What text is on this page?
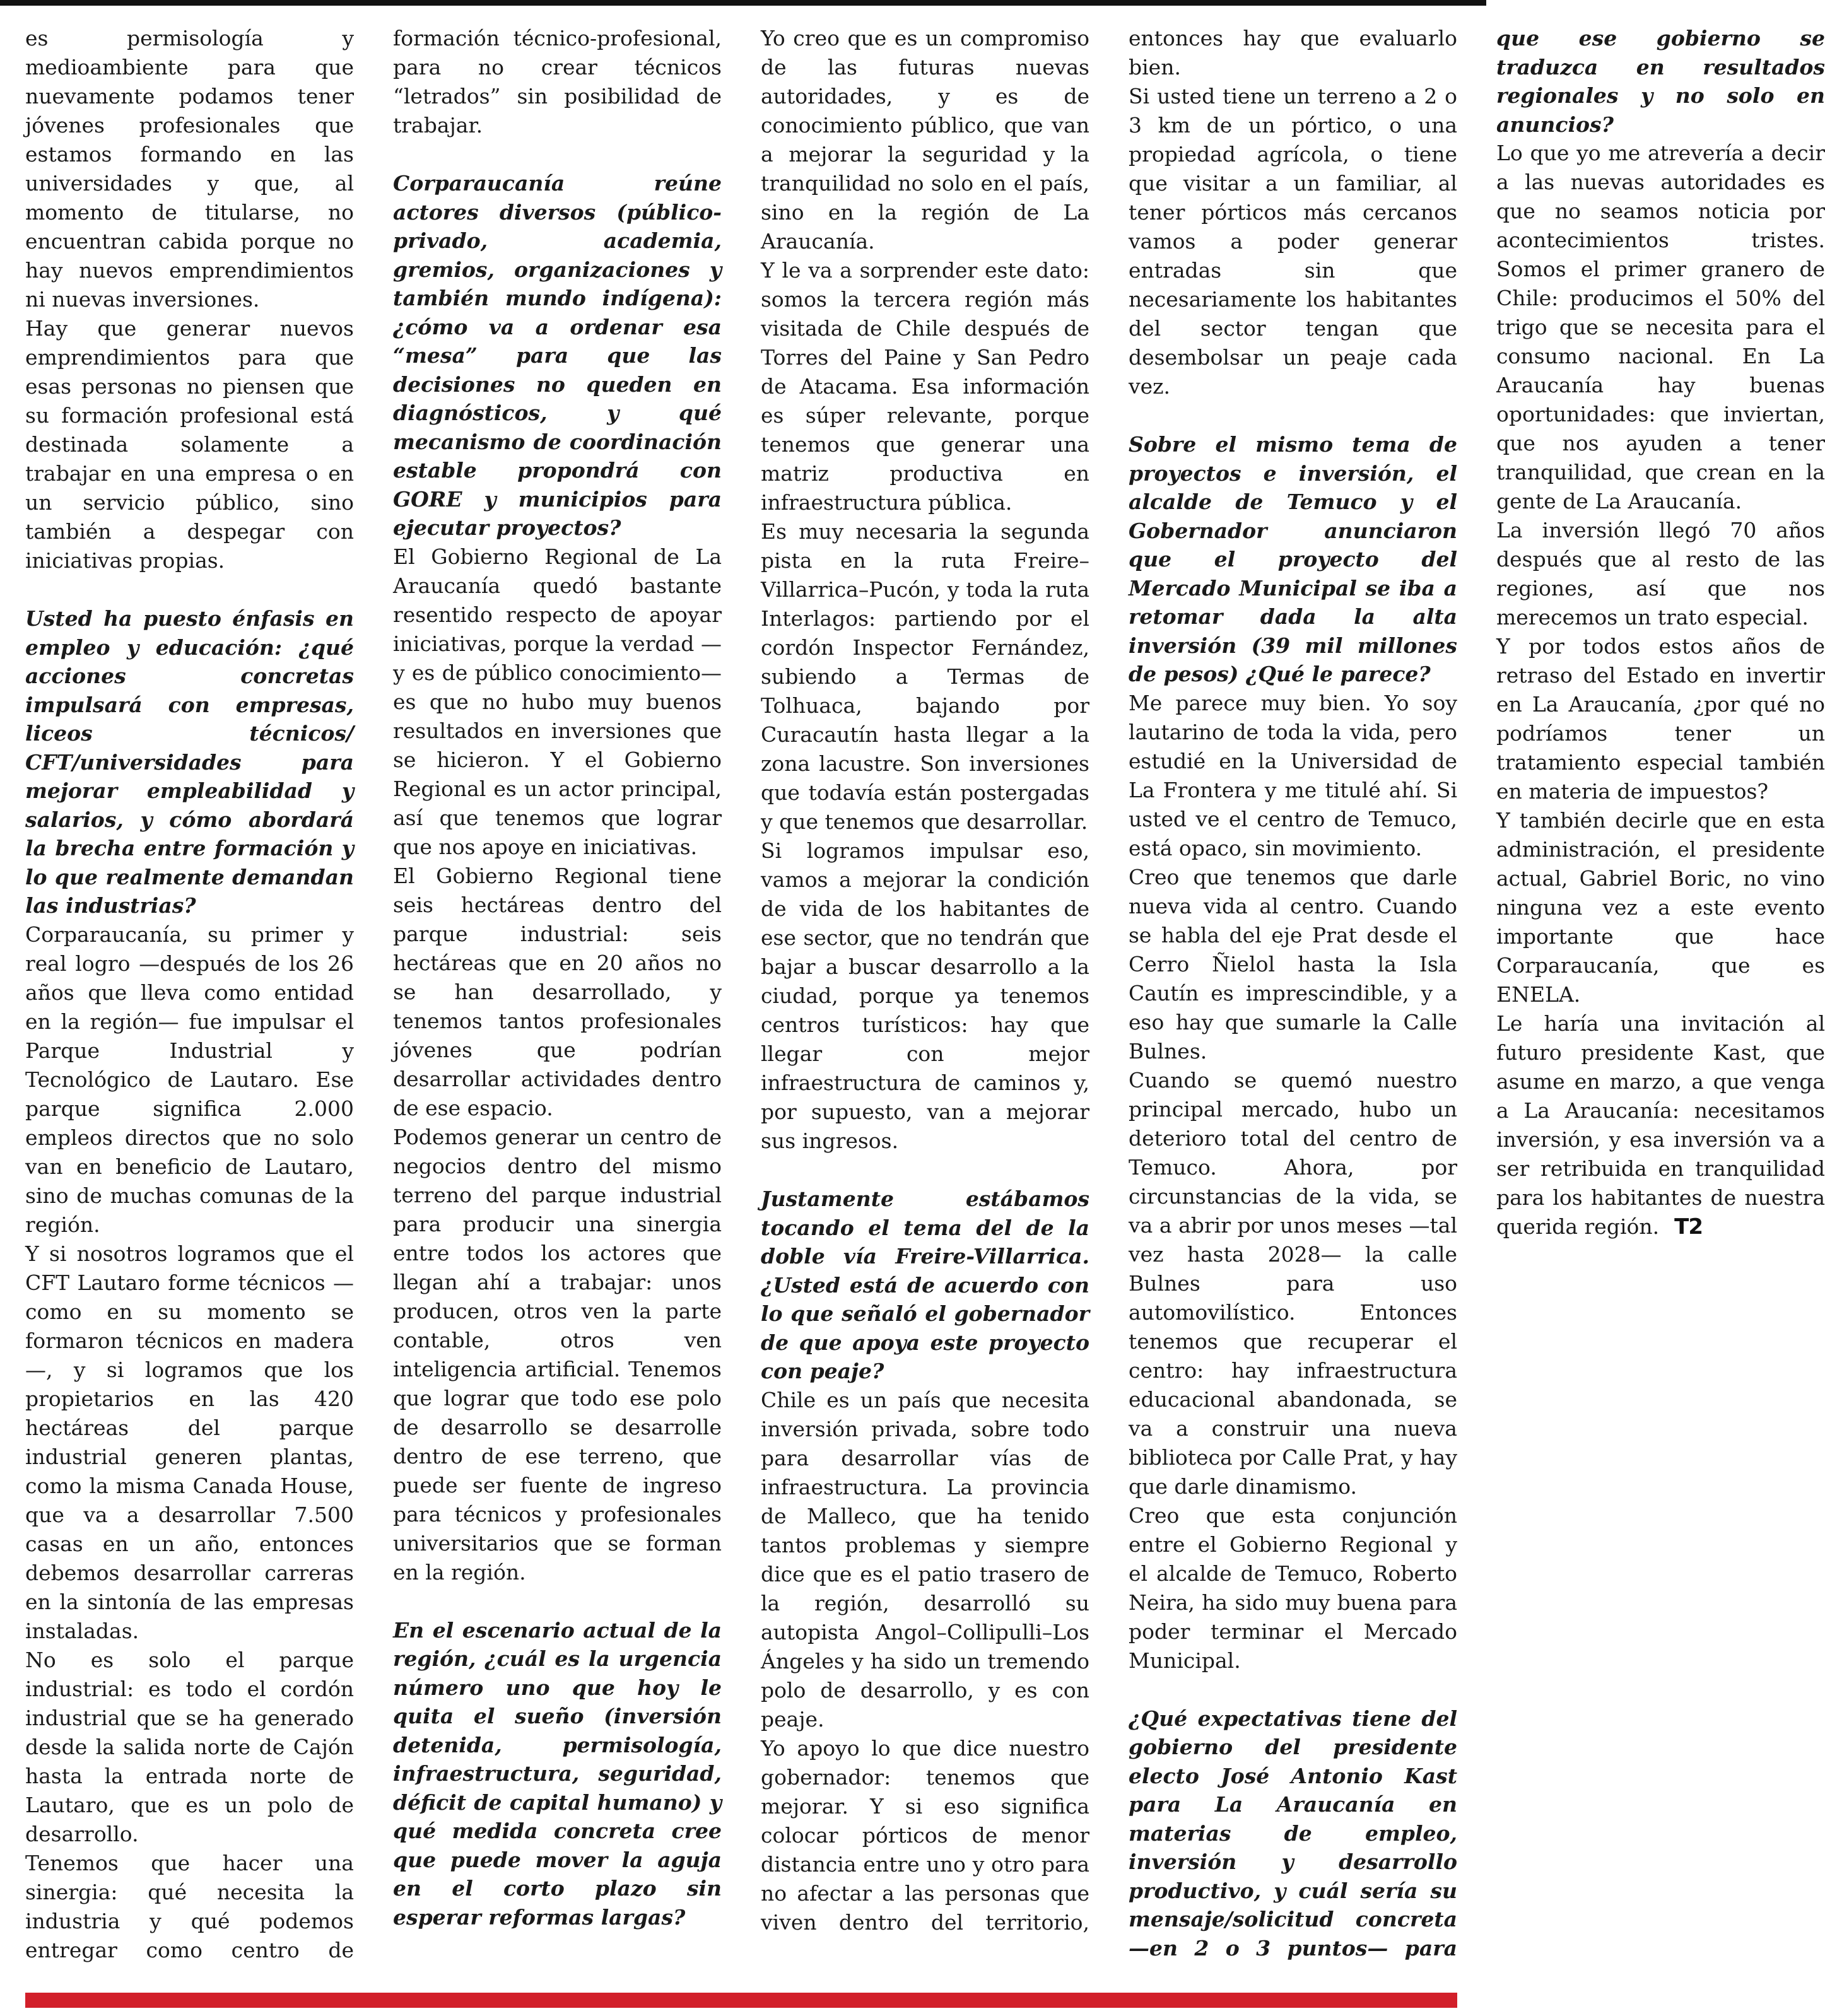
es permisología y medioambiente para que nuevamente podamos tener jóvenes profesionales que estamos formando en las universidades y que, al momento de titularse, no encuentran cabida porque no hay nuevos emprendimientos ni nuevas inversiones.

Hay que generar nuevos emprendimientos para que esas personas no piensen que su formación profesional está destinada solamente a trabajar en una empresa o en un servicio público, sino también a despegar con iniciativas propias.

Usted ha puesto énfasis en empleo y educación: ¿qué acciones concretas impulsará con empresas, liceos técnicos/ CFT/universidades para mejorar empleabilidad y salarios, y cómo abordará la brecha entre formación y lo que realmente demandan las industrias?

Corparaucanía, su primer y real logro —después de los 26 años que lleva como entidad en la región— fue impulsar el Parque Industrial y Tecnológico de Lautaro. Ese parque significa 2.000 empleos directos que no solo van en beneficio de Lautaro, sino de muchas comunas de la región.

Y si nosotros logramos que el CFT Lautaro forme técnicos —como en su momento se formaron técnicos en madera—, y si logramos que los propietarios en las 420 hectáreas del parque industrial generen plantas, como la misma Canada House, que va a desarrollar 7.500 casas en un año, entonces debemos desarrollar carreras en la sintonía de las empresas instaladas.

No es solo el parque industrial: es todo el cordón industrial que se ha generado desde la salida norte de Cajón hasta la entrada norte de Lautaro, que es un polo de desarrollo.

Tenemos que hacer una sinergia: qué necesita la industria y qué podemos entregar como centro de formación técnico-profesional, para no crear técnicos “letrados” sin posibilidad de trabajar.

Corparaucanía reúne actores diversos (público-privado, academia, gremios, organizaciones y también mundo indígena): ¿cómo va a ordenar esa “mesa” para que las decisiones no queden en diagnósticos, y qué mecanismo de coordinación estable propondrá con GORE y municipios para ejecutar proyectos?

El Gobierno Regional de La Araucanía quedó bastante resentido respecto de apoyar iniciativas, porque la verdad —y es de público conocimiento— es que no hubo muy buenos resultados en inversiones que se hicieron. Y el Gobierno Regional es un actor principal, así que tenemos que lograr que nos apoye en iniciativas.

El Gobierno Regional tiene seis hectáreas dentro del parque industrial: seis hectáreas que en 20 años no se han desarrollado, y tenemos tantos profesionales jóvenes que podrían desarrollar actividades dentro de ese espacio.

Podemos generar un centro de negocios dentro del mismo terreno del parque industrial para producir una sinergia entre todos los actores que llegan ahí a trabajar: unos producen, otros ven la parte contable, otros ven inteligencia artificial. Tenemos que lograr que todo ese polo de desarrollo se desarrolle dentro de ese terreno, que puede ser fuente de ingreso para técnicos y profesionales universitarios que se forman en la región.

En el escenario actual de la región, ¿cuál es la urgencia número uno que hoy le quita el sueño (inversión detenida, permisología, infraestructura, seguridad, déficit de capital humano) y qué medida concreta cree que puede mover la aguja en el corto plazo sin esperar reformas largas?

Yo creo que es un compromiso de las futuras nuevas autoridades, y es de conocimiento público, que van a mejorar la seguridad y la tranquilidad no solo en el país, sino en la región de La Araucanía.

Y le va a sorprender este dato: somos la tercera región más visitada de Chile después de Torres del Paine y San Pedro de Atacama. Esa información es súper relevante, porque tenemos que generar una matriz productiva en infraestructura pública.

Es muy necesaria la segunda pista en la ruta Freire–Villarrica–Pucón, y toda la ruta Interlagos: partiendo por el cordón Inspector Fernández, subiendo a Termas de Tolhuaca, bajando por Curacautín hasta llegar a la zona lacustre. Son inversiones que todavía están postergadas y que tenemos que desarrollar.

Si logramos impulsar eso, vamos a mejorar la condición de vida de los habitantes de ese sector, que no tendrán que bajar a buscar desarrollo a la ciudad, porque ya tenemos centros turísticos: hay que llegar con mejor infraestructura de caminos y, por supuesto, van a mejorar sus ingresos.

Justamente estábamos tocando el tema del de la doble vía Freire-Villarrica. ¿Usted está de acuerdo con lo que señaló el gobernador de que apoya este proyecto con peaje?

Chile es un país que necesita inversión privada, sobre todo para desarrollar vías de infraestructura. La provincia de Malleco, que ha tenido tantos problemas y siempre dice que es el patio trasero de la región, desarrolló su autopista Angol–Collipulli–Los Ángeles y ha sido un tremendo polo de desarrollo, y es con peaje.

Yo apoyo lo que dice nuestro gobernador: tenemos que mejorar. Y si eso significa colocar pórticos de menor distancia entre uno y otro para no afectar a las personas que viven dentro del territorio, entonces hay que evaluarlo bien.

Si usted tiene un terreno a 2 o 3 km de un pórtico, o una propiedad agrícola, o tiene que visitar a un familiar, al tener pórticos más cercanos vamos a poder generar entradas sin que necesariamente los habitantes del sector tengan que desembolsar un peaje cada vez.

Sobre el mismo tema de proyectos e inversión, el alcalde de Temuco y el Gobernador anunciaron que el proyecto del Mercado Municipal se iba a retomar dada la alta inversión (39 mil millones de pesos) ¿Qué le parece?

Me parece muy bien. Yo soy lautarino de toda la vida, pero estudié en la Universidad de La Frontera y me titulé ahí. Si usted ve el centro de Temuco, está opaco, sin movimiento.

Creo que tenemos que darle nueva vida al centro. Cuando se habla del eje Prat desde el Cerro Ñielol hasta la Isla Cautín es imprescindible, y a eso hay que sumarle la Calle Bulnes.

Cuando se quemó nuestro principal mercado, hubo un deterioro total del centro de Temuco. Ahora, por circunstancias de la vida, se va a abrir por unos meses —tal vez hasta 2028— la calle Bulnes para uso automovilístico. Entonces tenemos que recuperar el centro: hay infraestructura educacional abandonada, se va a construir una nueva biblioteca por Calle Prat, y hay que darle dinamismo.

Creo que esta conjunción entre el Gobierno Regional y el alcalde de Temuco, Roberto Neira, ha sido muy buena para poder terminar el Mercado Municipal.

¿Qué expectativas tiene del gobierno del presidente electo José Antonio Kast para La Araucanía en materias de empleo, inversión y desarrollo productivo, y cuál sería su mensaje/solicitud concreta —en 2 o 3 puntos— para que ese gobierno se traduzca en resultados regionales y no solo en anuncios?

Lo que yo me atrevería a decir a las nuevas autoridades es que no seamos noticia por acontecimientos tristes. Somos el primer granero de Chile: producimos el 50% del trigo que se necesita para el consumo nacional. En La Araucanía hay buenas oportunidades: que inviertan, que nos ayuden a tener tranquilidad, que crean en la gente de La Araucanía.

La inversión llegó 70 años después que al resto de las regiones, así que nos merecemos un trato especial.

Y por todos estos años de retraso del Estado en invertir en La Araucanía, ¿por qué no podríamos tener un tratamiento especial también en materia de impuestos?

Y también decirle que en esta administración, el presidente actual, Gabriel Boric, no vino ninguna vez a este evento importante que hace Corparaucanía, que es ENELA.

Le haría una invitación al futuro presidente Kast, que asume en marzo, a que venga a La Araucanía: necesitamos inversión, y esa inversión va a ser retribuida en tranquilidad para los habitantes de nuestra querida región. T2
